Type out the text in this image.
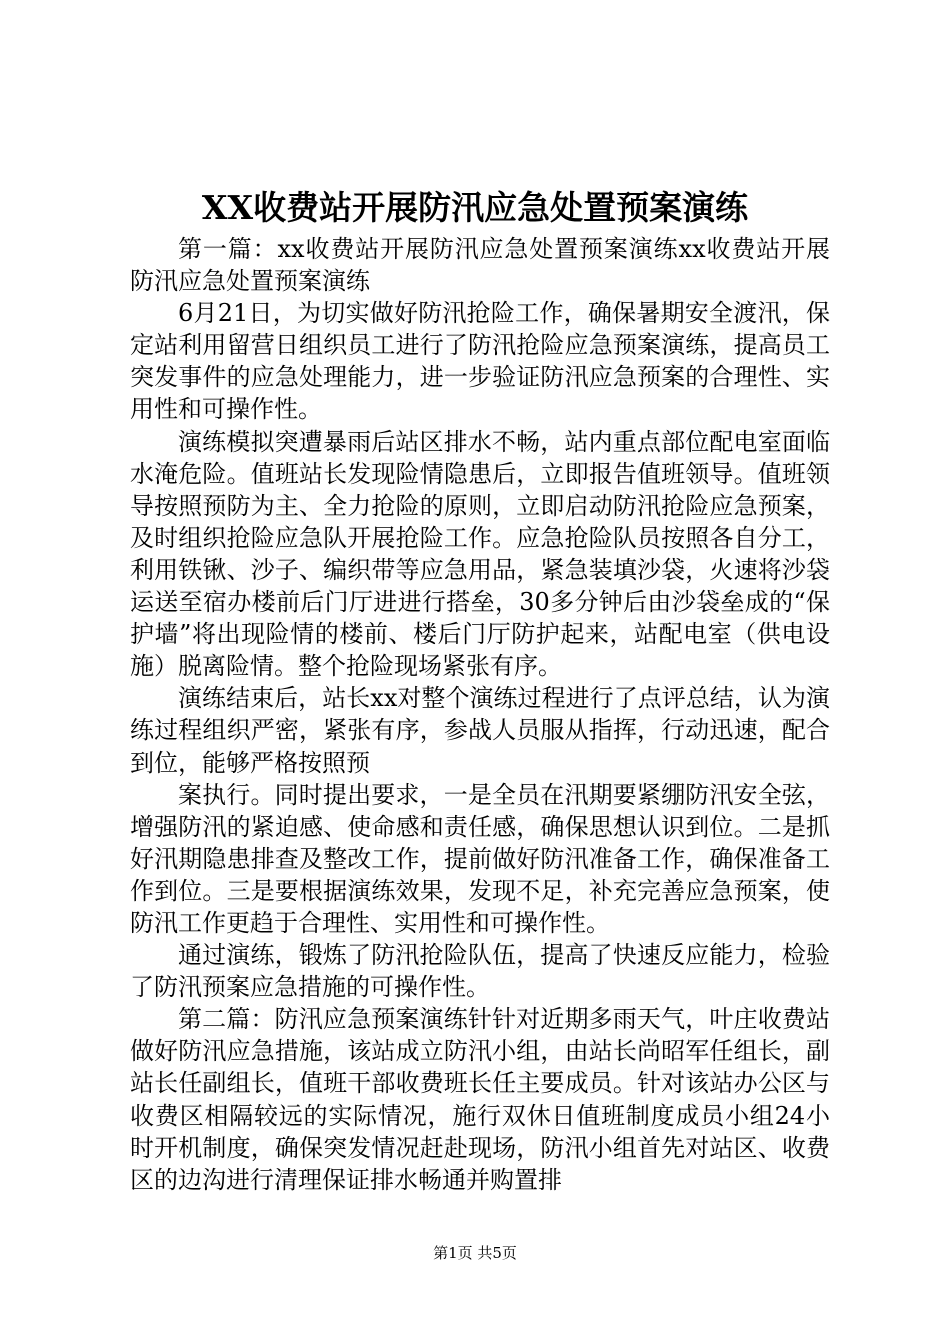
XX收费站开展防汛应急处置预案演练

第一篇：xx收费站开展防汛应急处置预案演练xx收费站开展防汛应急处置预案演练

6月21日，为切实做好防汛抢险工作，确保暑期安全渡汛，保定站利用留营日组织员工进行了防汛抢险应急预案演练，提高员工突发事件的应急处理能力，进一步验证防汛应急预案的合理性、实用性和可操作性。

演练模拟突遭暴雨后站区排水不畅，站内重点部位配电室面临水淹危险。值班站长发现险情隐患后，立即报告值班领导。值班领导按照预防为主、全力抢险的原则，立即启动防汛抢险应急预案，及时组织抢险应急队开展抢险工作。应急抢险队员按照各自分工，利用铁锹、沙子、编织带等应急用品，紧急装填沙袋，火速将沙袋运送至宿办楼前后门厅进进行搭垒，30多分钟后由沙袋垒成的“保护墙”将出现险情的楼前、楼后门厅防护起来，站配电室（供电设施）脱离险情。整个抢险现场紧张有序。

演练结束后，站长xx对整个演练过程进行了点评总结，认为演练过程组织严密，紧张有序，参战人员服从指挥，行动迅速，配合到位，能够严格按照预

案执行。同时提出要求，一是全员在汛期要紧绷防汛安全弦，增强防汛的紧迫感、使命感和责任感，确保思想认识到位。二是抓好汛期隐患排查及整改工作，提前做好防汛准备工作，确保准备工作到位。三是要根据演练效果，发现不足，补充完善应急预案，使防汛工作更趋于合理性、实用性和可操作性。

通过演练，锻炼了防汛抢险队伍，提高了快速反应能力，检验了防汛预案应急措施的可操作性。

第二篇：防汛应急预案演练针针对近期多雨天气，叶庄收费站做好防汛应急措施，该站成立防汛小组，由站长尚昭军任组长，副站长任副组长，值班干部收费班长任主要成员。针对该站办公区与收费区相隔较远的实际情况，施行双休日值班制度成员小组24小时开机制度，确保突发情况赶赴现场，防汛小组首先对站区、收费区的边沟进行清理保证排水畅通并购置排

第1页 共5页
